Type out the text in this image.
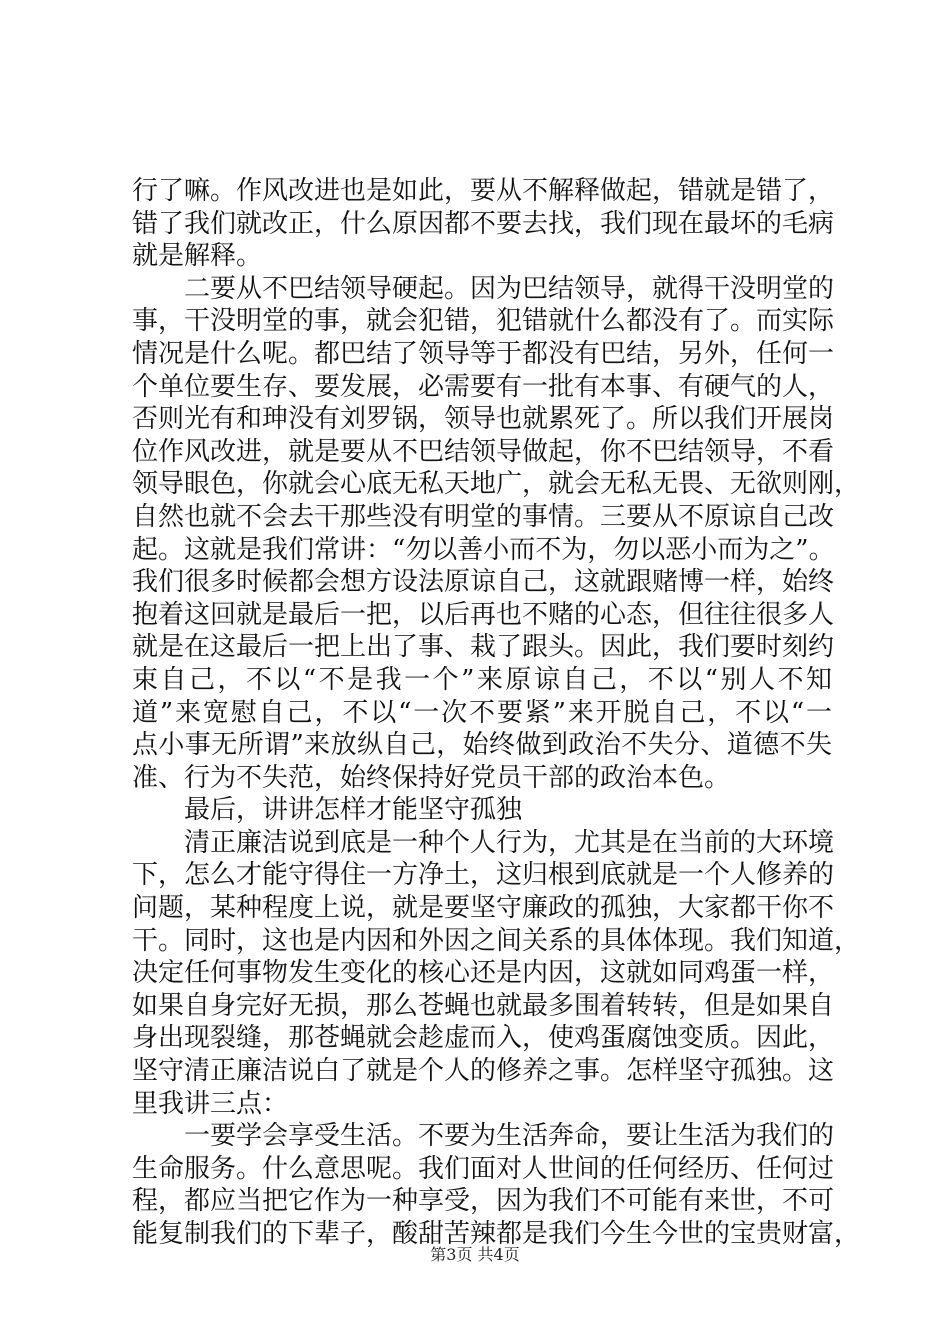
行了嘛。作风改进也是如此，要从不解释做起，错就是错了，
错了我们就改正，什么原因都不要去找，我们现在最坏的毛病
就是解释。
二要从不巴结领导硬起。因为巴结领导，就得干没明堂的
事，干没明堂的事，就会犯错，犯错就什么都没有了。而实际
情况是什么呢。都巴结了领导等于都没有巴结，另外，任何一
个单位要生存、要发展，必需要有一批有本事、有硬气的人，
否则光有和珅没有刘罗锅，领导也就累死了。所以我们开展岗
位作风改进，就是要从不巴结领导做起，你不巴结领导，不看
领导眼色，你就会心底无私天地广，就会无私无畏、无欲则刚，
自然也就不会去干那些没有明堂的事情。三要从不原谅自己改
起。这就是我们常讲：“勿以善小而不为，勿以恶小而为之”。
我们很多时候都会想方设法原谅自己，这就跟赌博一样，始终
抱着这回就是最后一把，以后再也不赌的心态，但往往很多人
就是在这最后一把上出了事、栽了跟头。因此，我们要时刻约
束自己，不以“不是我一个”来原谅自己，不以“别人不知
道”来宽慰自己，不以“一次不要紧”来开脱自己，不以“一
点小事无所谓”来放纵自己，始终做到政治不失分、道德不失
准、行为不失范，始终保持好党员干部的政治本色。
最后，讲讲怎样才能坚守孤独
清正廉洁说到底是一种个人行为，尤其是在当前的大环境
下，怎么才能守得住一方净土，这归根到底就是一个人修养的
问题，某种程度上说，就是要坚守廉政的孤独，大家都干你不
干。同时，这也是内因和外因之间关系的具体体现。我们知道，
决定任何事物发生变化的核心还是内因，这就如同鸡蛋一样，
如果自身完好无损，那么苍蝇也就最多围着转转，但是如果自
身出现裂缝，那苍蝇就会趁虚而入，使鸡蛋腐蚀变质。因此，
坚守清正廉洁说白了就是个人的修养之事。怎样坚守孤独。这
里我讲三点：
一要学会享受生活。不要为生活奔命，要让生活为我们的
生命服务。什么意思呢。我们面对人世间的任何经历、任何过
程，都应当把它作为一种享受，因为我们不可能有来世，不可
能复制我们的下辈子，酸甜苦辣都是我们今生今世的宝贵财富，
第3页 共4页
